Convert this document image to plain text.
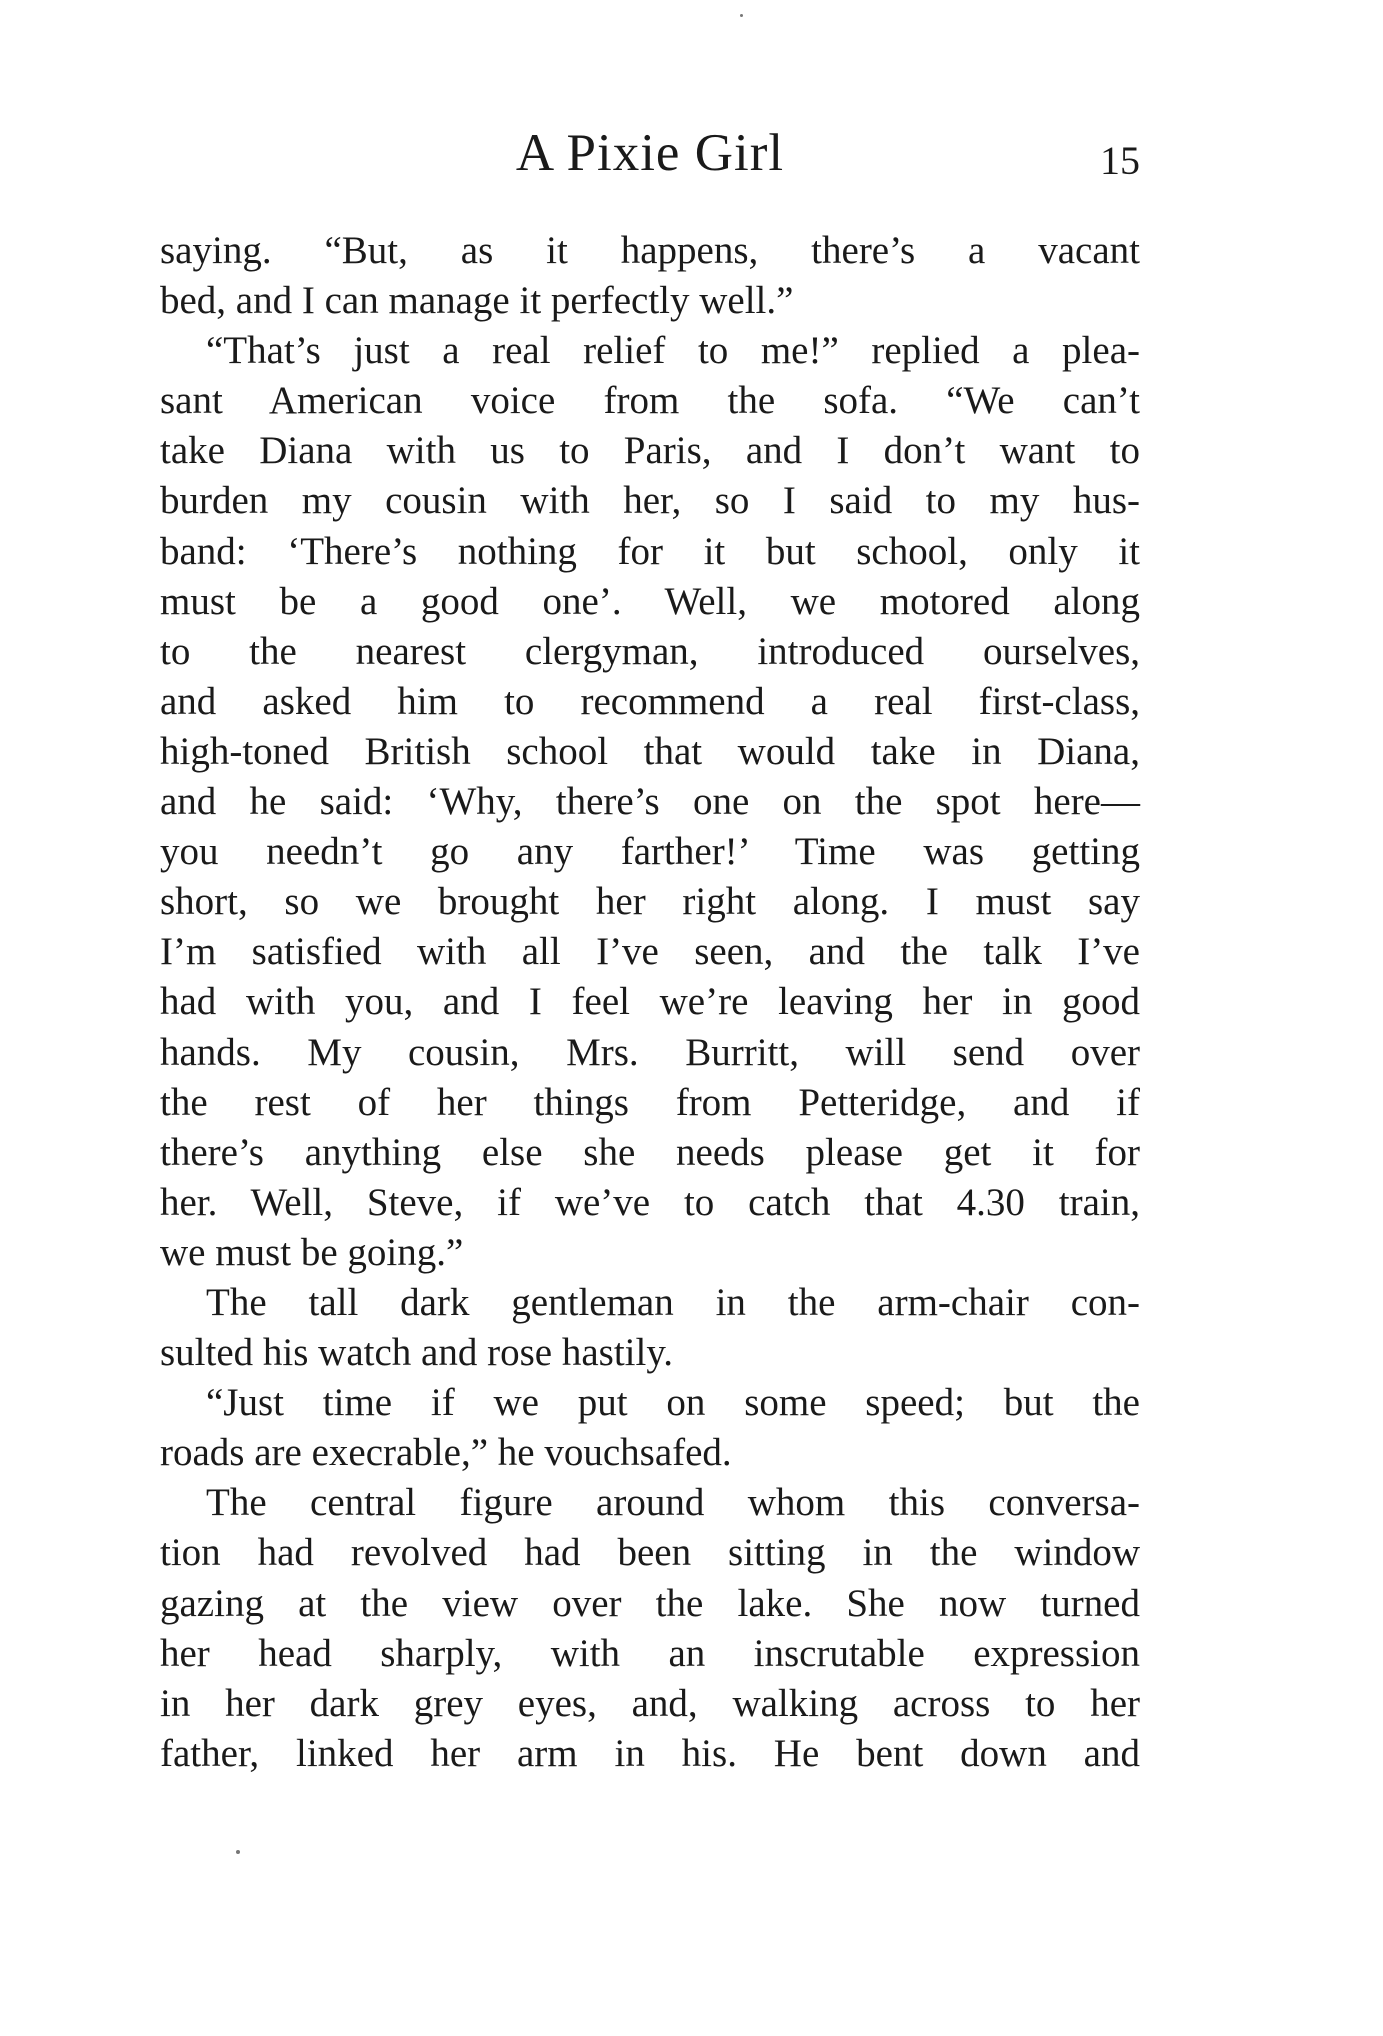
A Pixie Girl	15
saying. “But, as it happens, there’s a vacant
bed, and I can manage it perfectly well.”
“That’s just a real relief to me!” replied a plea-
sant American voice from the sofa. “We can’t
take Diana with us to Paris, and I don’t want to
burden my cousin with her, so I said to my hus-
band: ‘There’s nothing for it but school, only it
must be a good one’. Well, we motored along
to the nearest clergyman, introduced ourselves,
and asked him to recommend a real first-class,
high-toned British school that would take in Diana,
and he said: ‘Why, there’s one on the spot here—
you needn’t go any farther!’ Time was getting
short, so we brought her right along. I must say
I’m satisfied with all I’ve seen, and the talk I’ve
had with you, and I feel we’re leaving her in good
hands. My cousin, Mrs. Burritt, will send over
the rest of her things from Petteridge, and if
there’s anything else she needs please get it for
her. Well, Steve, if we’ve to catch that 4.30 train,
we must be going.”
The tall dark gentleman in the arm-chair con-
sulted his watch and rose hastily.
“Just time if we put on some speed; but the
roads are execrable,” he vouchsafed.
The central figure around whom this conversa-
tion had revolved had been sitting in the window
gazing at the view over the lake. She now turned
her head sharply, with an inscrutable expression
in her dark grey eyes, and, walking across to her
father, linked her arm in his. He bent down and
